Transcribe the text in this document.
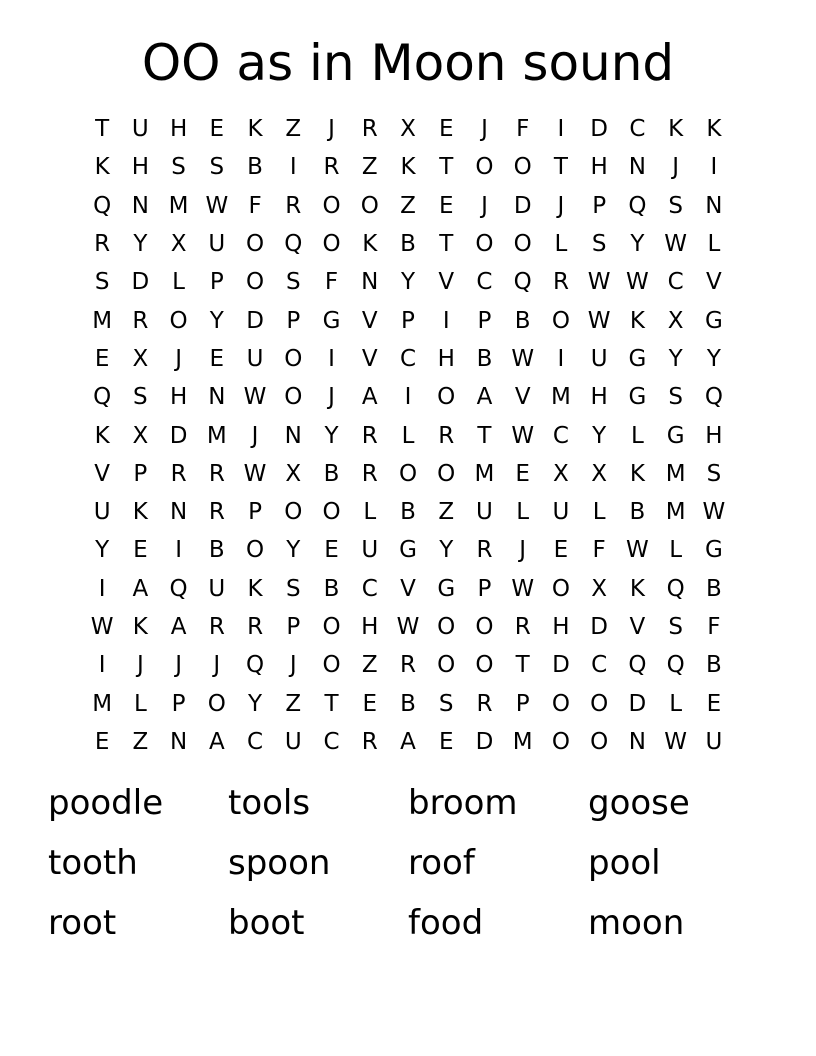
OO as in Moon sound
T U H E	K Z	J	R X	E	J	F	I	D C K	K
K H S	S	B	I	R Z K	T O O T H N	J	I
Q N M W F	R O O Z	E	J	D	J	P Q S N
R	Y	X U O Q O K B	T O O L	S	Y W L
S D L	P O S	F	N Y	V C Q R W W C V
M R O Y D P G V	P	I	P	B O W K X G
E	X	J	E U O	I	V C H B W	I	U G Y	Y
Q S H N W O	J	A	I	O A V M H G S Q
K X D M	J	N Y	R	L	R	T W C	Y	L G H
V	P	R R W X B R O O M E	X X K M S
U K N R	P O O L	B Z U	L	U	L	B M W
Y	E	I	B O Y	E U G Y	R	J	E	F W L G
I	A Q U K	S	B C V G P W O X K Q B
W K A R R	P O H W O O R H D V	S	F
I	J	J	J	Q	J	O Z R O O T D C Q Q B
M L	P O Y	Z	T	E	B	S R	P O O D L	E
E	Z N A C U C R A	E D M O O N W U
poodle	tools	broom	goose
tooth	spoon	roof	pool
root	boot	food	moon
